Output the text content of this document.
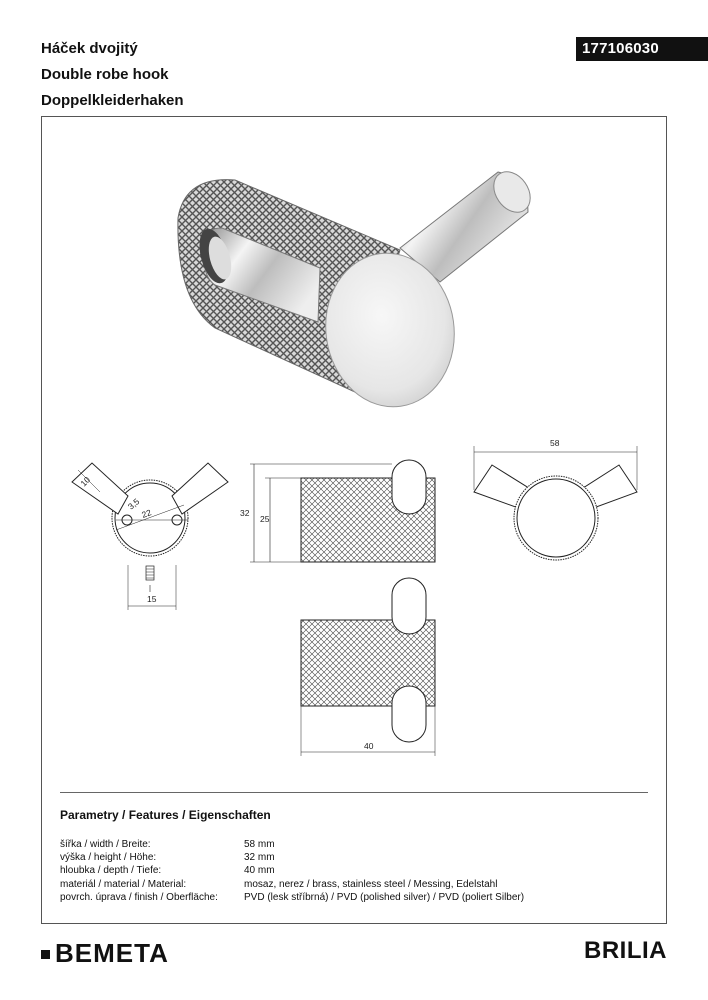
Háček dvojitý
Double robe hook
Doppelkleiderhaken
177106030
10
3,5
22
15
32
25
58
40
Parametry / Features / Eigenschaften
šířka / width / Breite:	58 mm
výška / height / Höhe:	32 mm
hloubka / depth / Tiefe:	40 mm
materiál / material / Material:	mosaz, nerez / brass, stainless steel / Messing, Edelstahl
povrch. úprava / finish / Oberfläche:	PVD (lesk stříbrná) / PVD (polished silver) / PVD (poliert Silber)
BEMETA	BRILIA
